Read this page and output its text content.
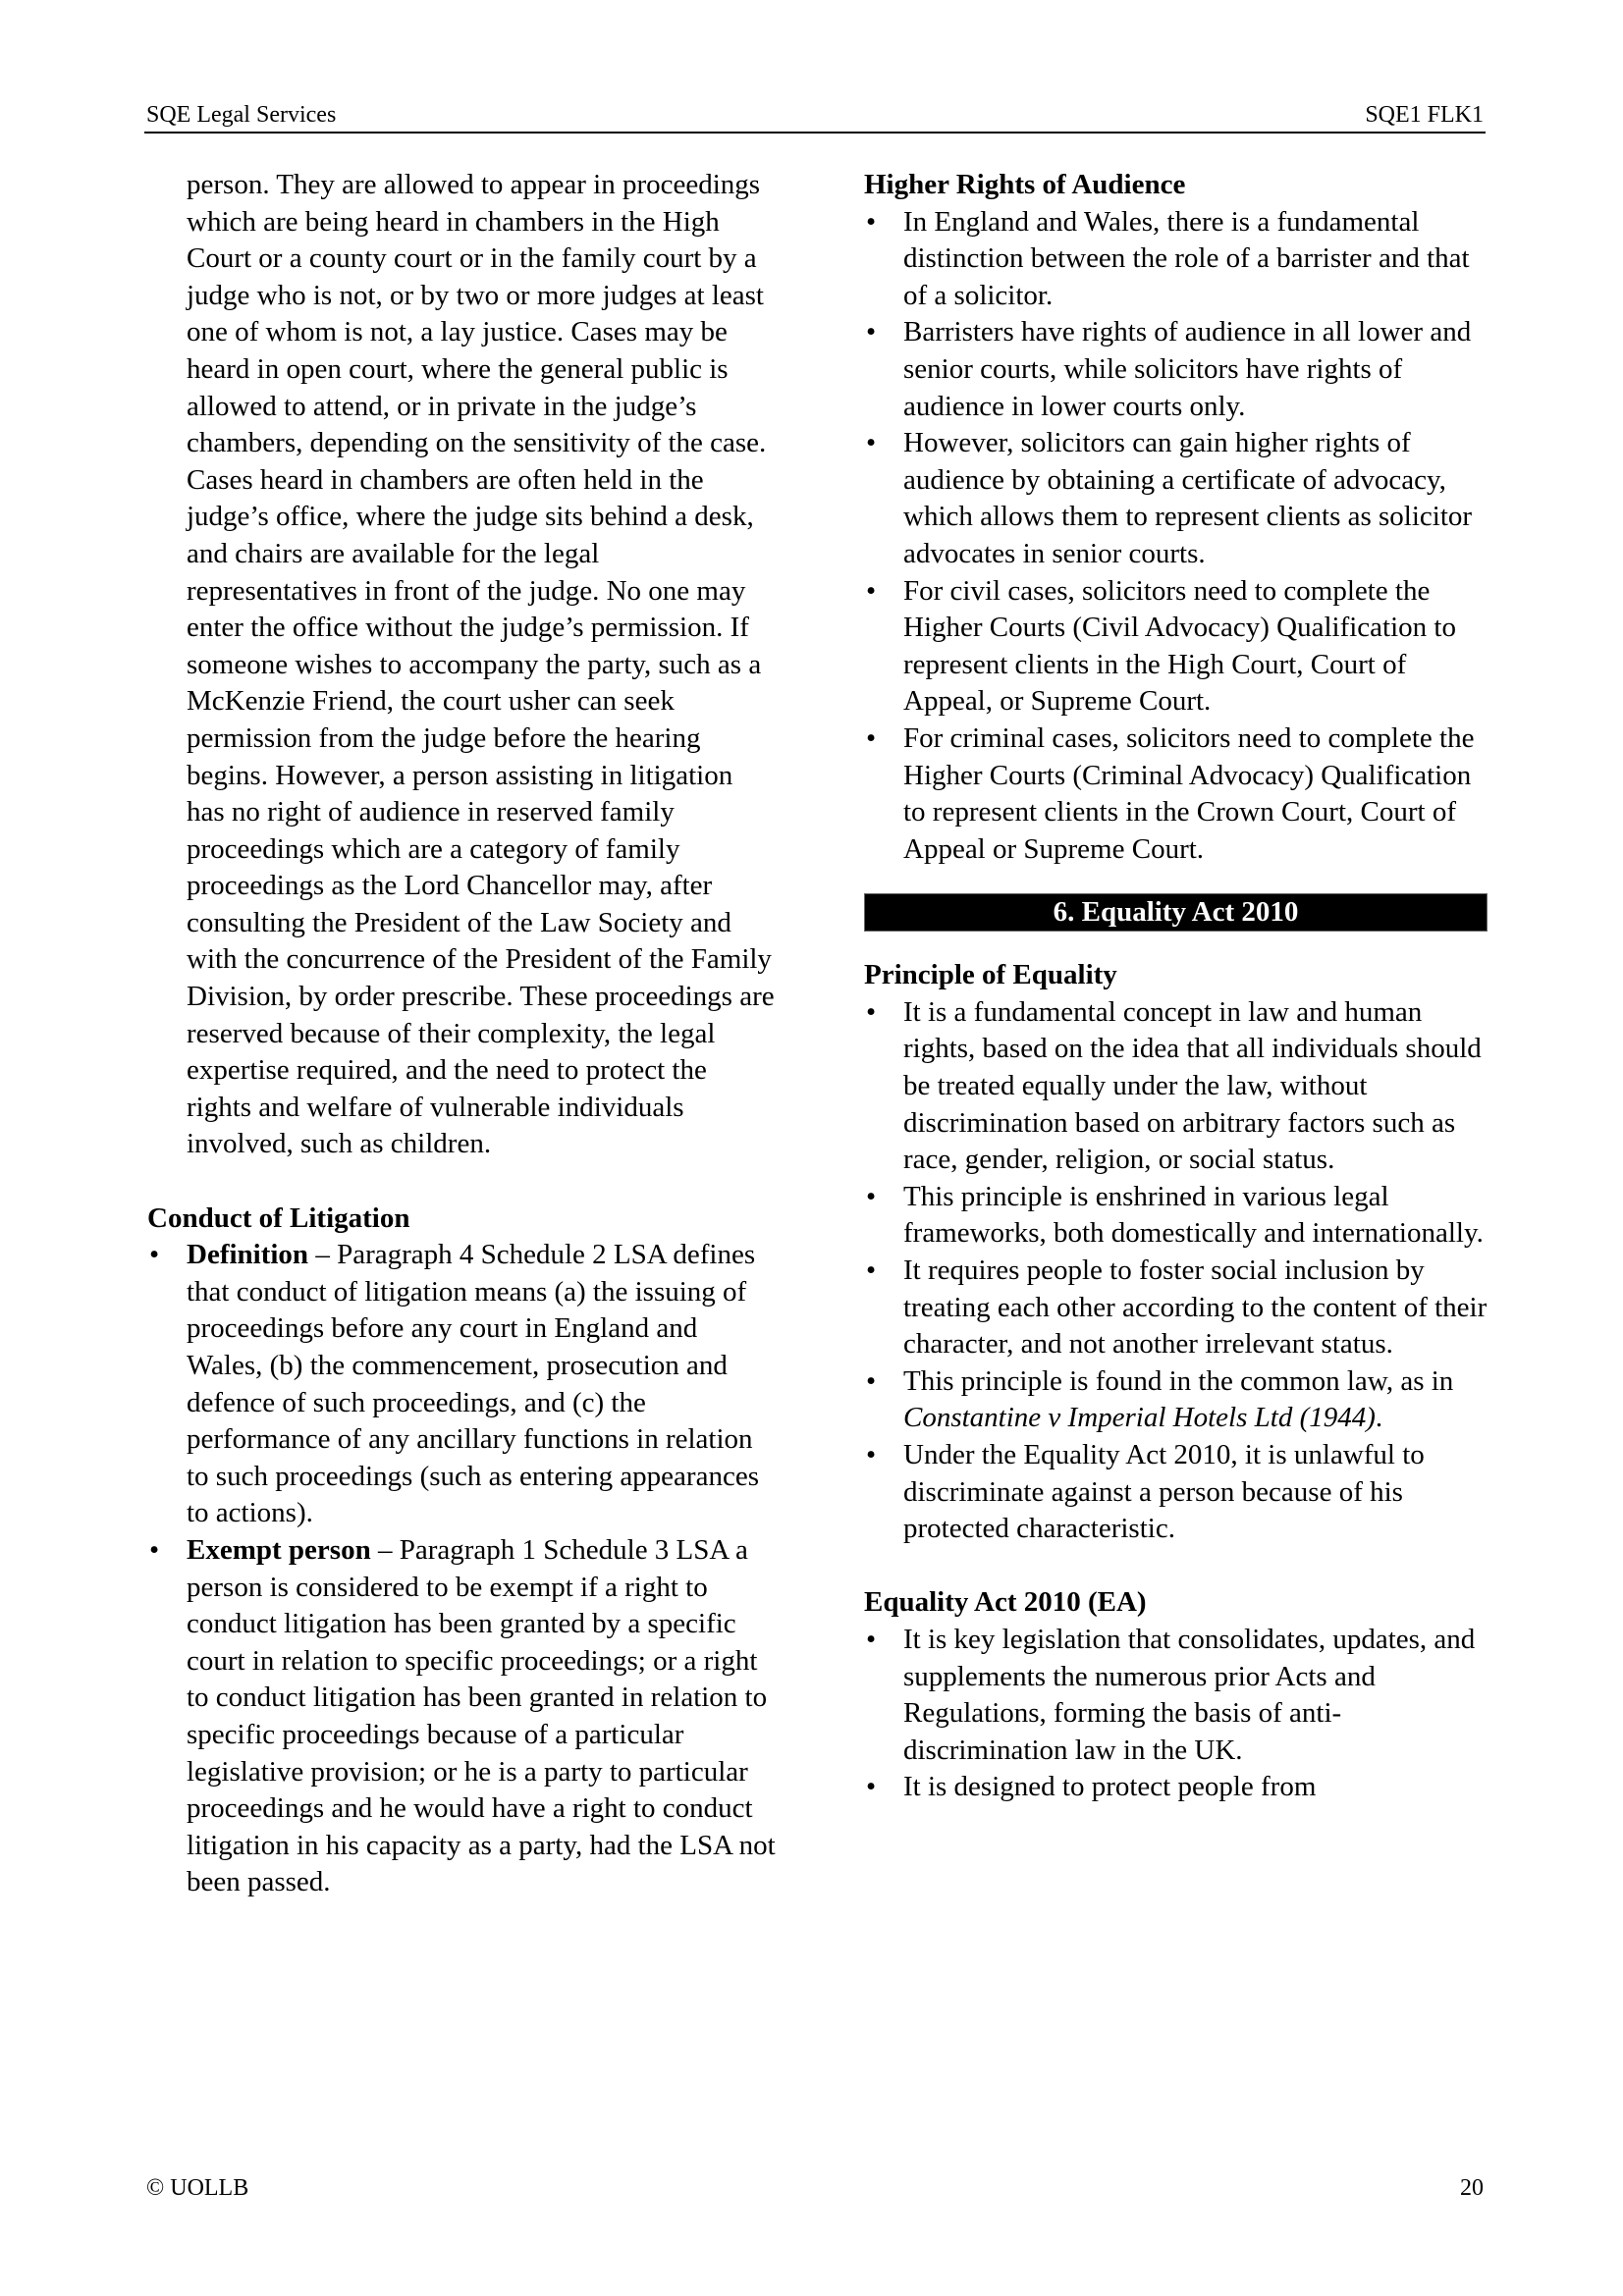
SQE Legal Services	SQE1 FLK1

person. They are allowed to appear in proceedings which are being heard in chambers in the High Court or a county court or in the family court by a judge who is not, or by two or more judges at least one of whom is not, a lay justice. Cases may be heard in open court, where the general public is allowed to attend, or in private in the judge’s chambers, depending on the sensitivity of the case. Cases heard in chambers are often held in the judge’s office, where the judge sits behind a desk, and chairs are available for the legal representatives in front of the judge. No one may enter the office without the judge’s permission. If someone wishes to accompany the party, such as a McKenzie Friend, the court usher can seek permission from the judge before the hearing begins. However, a person assisting in litigation has no right of audience in reserved family proceedings which are a category of family proceedings as the Lord Chancellor may, after consulting the President of the Law Society and with the concurrence of the President of the Family Division, by order prescribe. These proceedings are reserved because of their complexity, the legal expertise required, and the need to protect the rights and welfare of vulnerable individuals involved, such as children.

Conduct of Litigation

• Definition – Paragraph 4 Schedule 2 LSA defines that conduct of litigation means (a) the issuing of proceedings before any court in England and Wales, (b) the commencement, prosecution and defence of such proceedings, and (c) the performance of any ancillary functions in relation to such proceedings (such as entering appearances to actions).
• Exempt person – Paragraph 1 Schedule 3 LSA a person is considered to be exempt if a right to conduct litigation has been granted by a specific court in relation to specific proceedings; or a right to conduct litigation has been granted in relation to specific proceedings because of a particular legislative provision; or he is a party to particular proceedings and he would have a right to conduct litigation in his capacity as a party, had the LSA not been passed.

Higher Rights of Audience

• In England and Wales, there is a fundamental distinction between the role of a barrister and that of a solicitor.
• Barristers have rights of audience in all lower and senior courts, while solicitors have rights of audience in lower courts only.
• However, solicitors can gain higher rights of audience by obtaining a certificate of advocacy, which allows them to represent clients as solicitor advocates in senior courts.
• For civil cases, solicitors need to complete the Higher Courts (Civil Advocacy) Qualification to represent clients in the High Court, Court of Appeal, or Supreme Court.
• For criminal cases, solicitors need to complete the Higher Courts (Criminal Advocacy) Qualification to represent clients in the Crown Court, Court of Appeal or Supreme Court.
6. Equality Act 2010

Principle of Equality

• It is a fundamental concept in law and human rights, based on the idea that all individuals should be treated equally under the law, without discrimination based on arbitrary factors such as race, gender, religion, or social status.
• This principle is enshrined in various legal frameworks, both domestically and internationally.
• It requires people to foster social inclusion by treating each other according to the content of their character, and not another irrelevant status.
• This principle is found in the common law, as in Constantine v Imperial Hotels Ltd (1944).
• Under the Equality Act 2010, it is unlawful to discriminate against a person because of his protected characteristic.

Equality Act 2010 (EA)

• It is key legislation that consolidates, updates, and supplements the numerous prior Acts and Regulations, forming the basis of anti-discrimination law in the UK.
• It is designed to protect people from
© UOLLB	20
